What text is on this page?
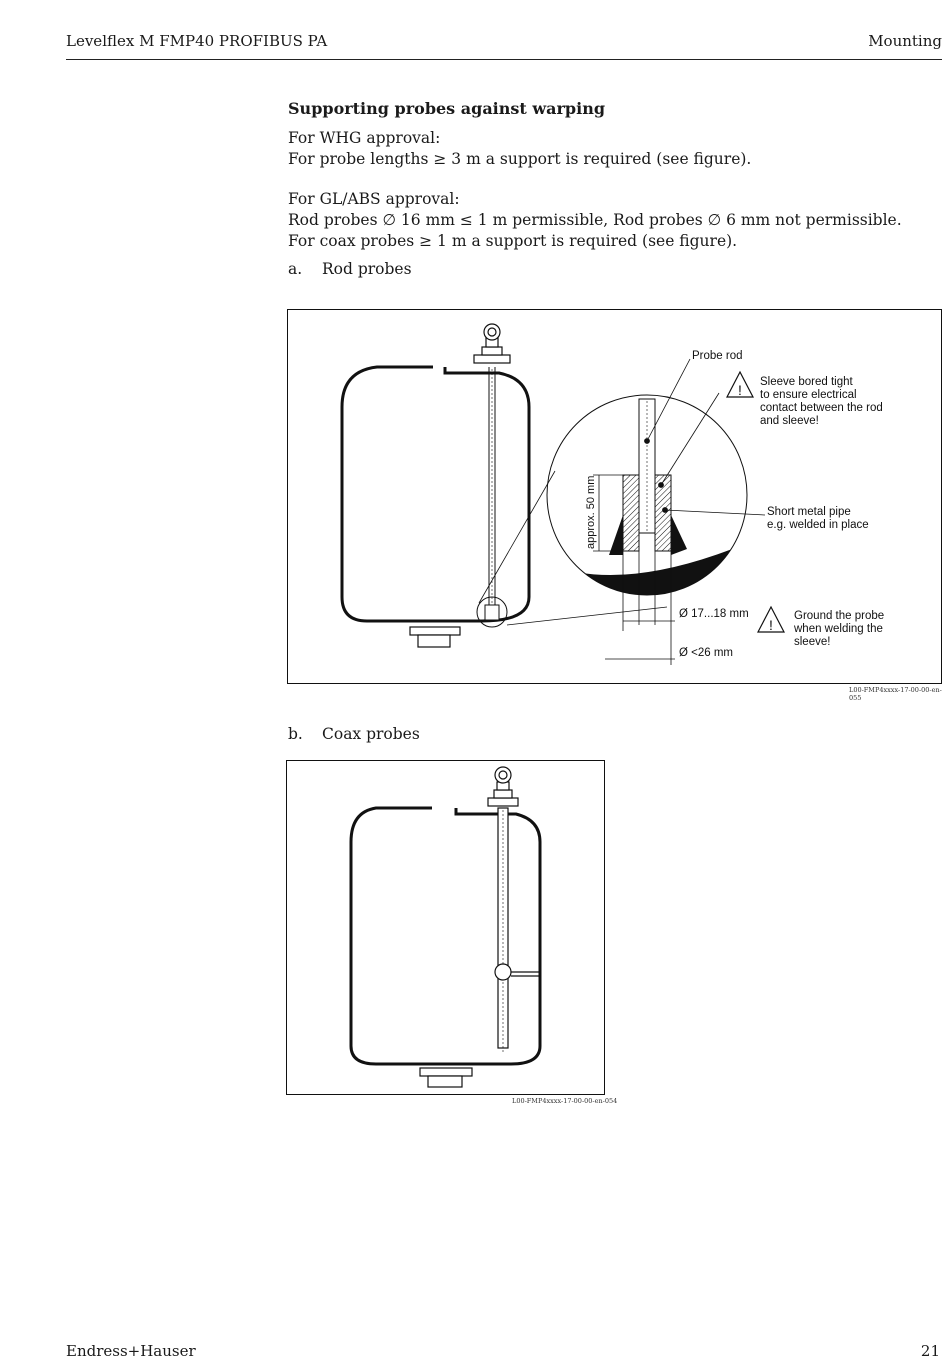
Levelflex M FMP40 PROFIBUS PA	Mounting
Supporting probes against warping
For WHG approval:
For probe lengths ≥ 3 m a support is required (see figure).
For GL/ABS approval:
Rod probes ∅ 16 mm ≤ 1 m permissible, Rod probes ∅ 6 mm not permissible.
For coax probes ≥ 1 m a support is required (see figure).
a. Rod probes
approx. 50 mm
Probe rod
! Sleeve bored tight
to ensure electrical
contact between the rod
and sleeve!
Short metal pipe
e.g. welded in place
Ø 17...18 mm
Ø <26 mm
!
Ground the probe
when welding the
sleeve!
L00-FMP4xxxx-17-00-00-en-055
b. Coax probes
L00-FMP4xxxx-17-00-00-en-054
Endress+Hauser	21
